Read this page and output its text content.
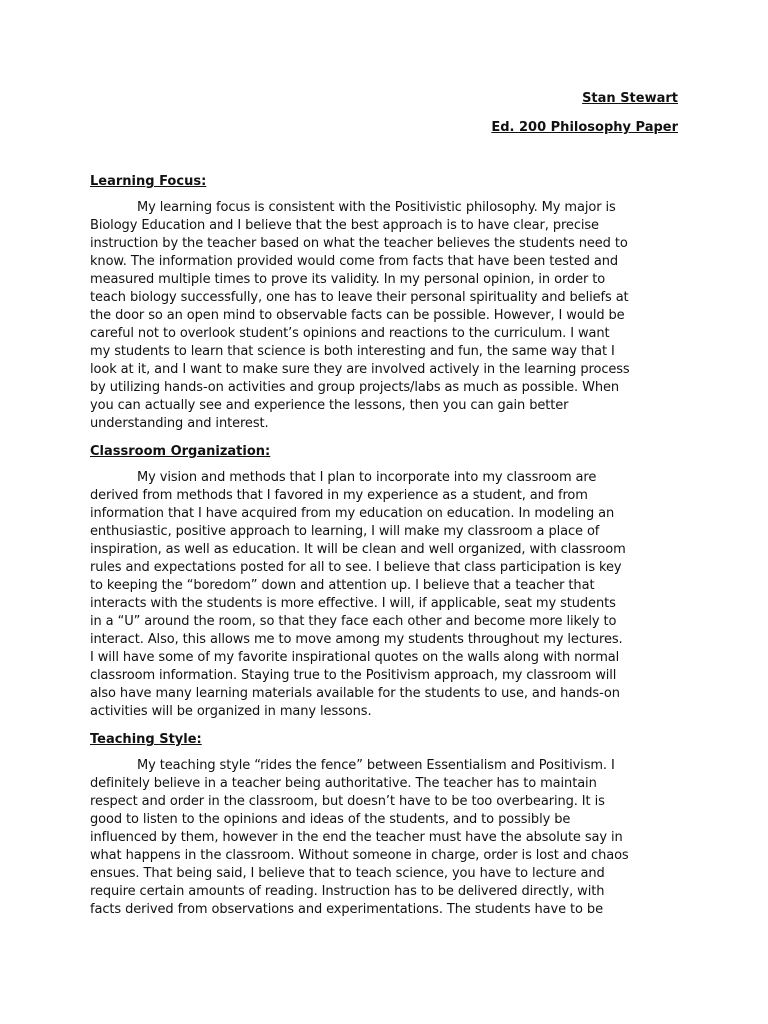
Stan Stewart

Ed. 200 Philosophy Paper

Learning Focus:

My learning focus is consistent with the Positivistic philosophy. My major is
Biology Education and I believe that the best approach is to have clear, precise
instruction by the teacher based on what the teacher believes the students need to
know. The information provided would come from facts that have been tested and
measured multiple times to prove its validity. In my personal opinion, in order to
teach biology successfully, one has to leave their personal spirituality and beliefs at
the door so an open mind to observable facts can be possible. However, I would be
careful not to overlook student’s opinions and reactions to the curriculum. I want
my students to learn that science is both interesting and fun, the same way that I
look at it, and I want to make sure they are involved actively in the learning process
by utilizing hands-on activities and group projects/labs as much as possible. When
you can actually see and experience the lessons, then you can gain better
understanding and interest.

Classroom Organization:

My vision and methods that I plan to incorporate into my classroom are
derived from methods that I favored in my experience as a student, and from
information that I have acquired from my education on education. In modeling an
enthusiastic, positive approach to learning, I will make my classroom a place of
inspiration, as well as education. It will be clean and well organized, with classroom
rules and expectations posted for all to see. I believe that class participation is key
to keeping the “boredom” down and attention up. I believe that a teacher that
interacts with the students is more effective. I will, if applicable, seat my students
in a “U” around the room, so that they face each other and become more likely to
interact. Also, this allows me to move among my students throughout my lectures.
I will have some of my favorite inspirational quotes on the walls along with normal
classroom information. Staying true to the Positivism approach, my classroom will
also have many learning materials available for the students to use, and hands-on
activities will be organized in many lessons.

Teaching Style:

My teaching style “rides the fence” between Essentialism and Positivism. I
definitely believe in a teacher being authoritative. The teacher has to maintain
respect and order in the classroom, but doesn’t have to be too overbearing. It is
good to listen to the opinions and ideas of the students, and to possibly be
influenced by them, however in the end the teacher must have the absolute say in
what happens in the classroom. Without someone in charge, order is lost and chaos
ensues. That being said, I believe that to teach science, you have to lecture and
require certain amounts of reading. Instruction has to be delivered directly, with
facts derived from observations and experimentations. The students have to be
